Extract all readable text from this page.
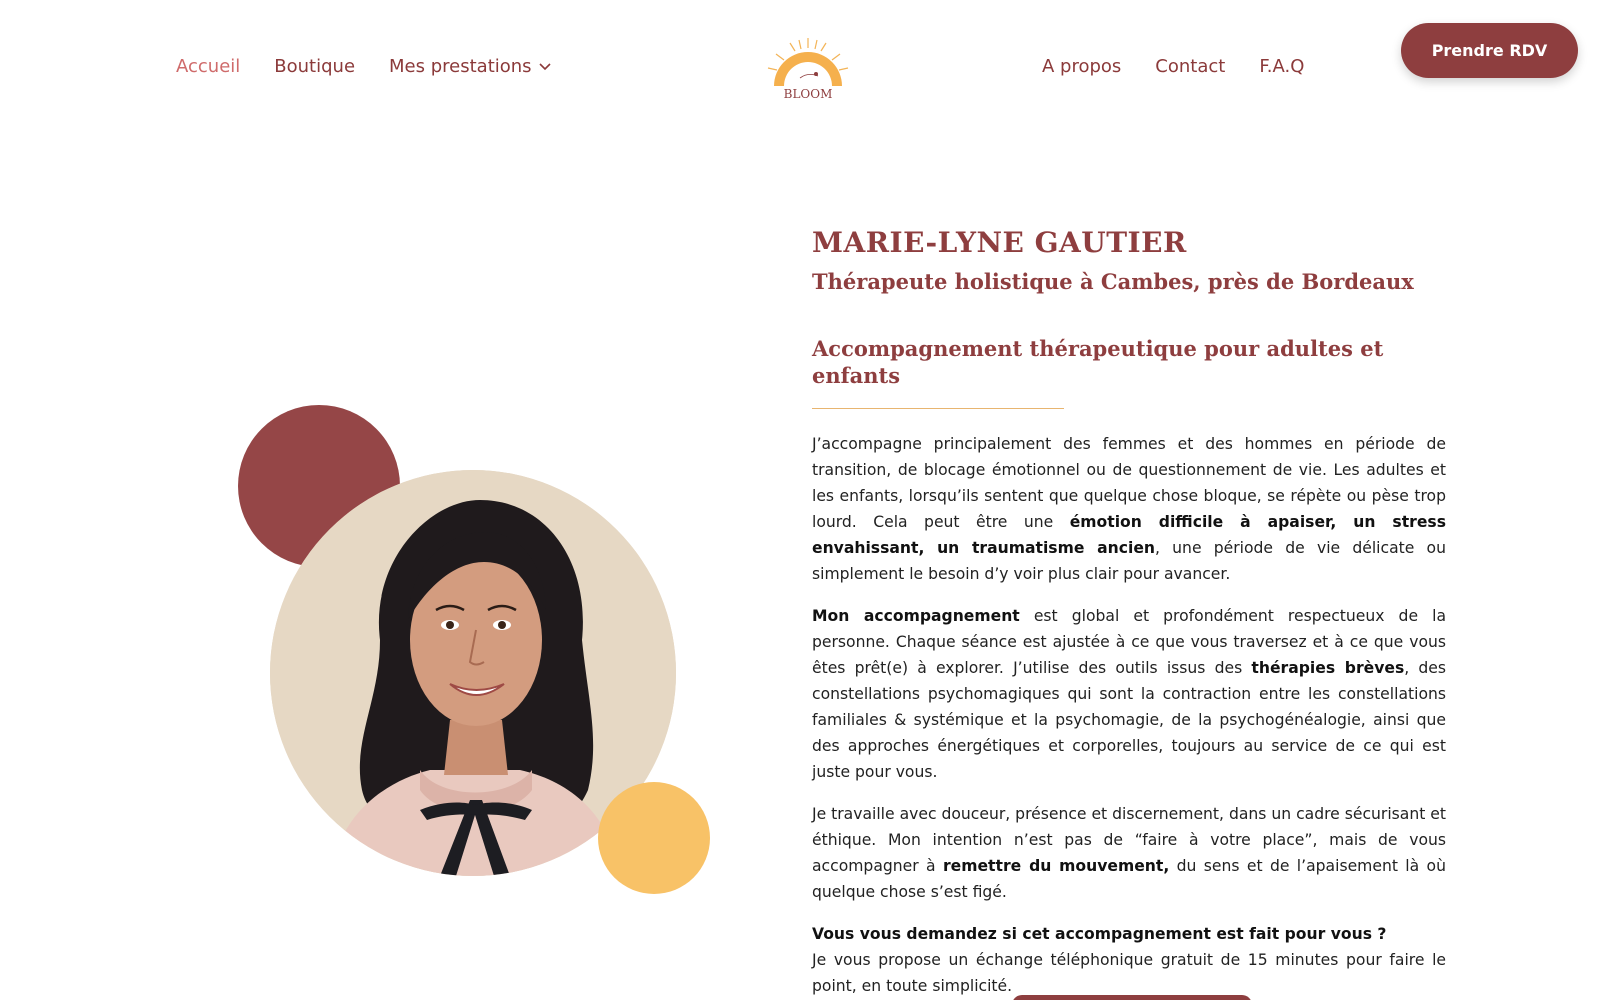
Accueil Boutique Mes prestations
BLOOM
A propos Contact F.A.Q
Prendre RDV
MARIE-LYNE GAUTIER
Thérapeute holistique à Cambes, près de Bordeaux
Accompagnement thérapeutique pour adultes et enfants

J’accompagne principalement des femmes et des hommes en période de transition, de blocage émotionnel ou de questionnement de vie. Les adultes et les enfants, lorsqu’ils sentent que quelque chose bloque, se répète ou pèse trop lourd. Cela peut être une émotion difficile à apaiser, un stress envahissant, un traumatisme ancien, une période de vie délicate ou simplement le besoin d’y voir plus clair pour avancer.

Mon accompagnement est global et profondément respectueux de la personne. Chaque séance est ajustée à ce que vous traversez et à ce que vous êtes prêt(e) à explorer. J’utilise des outils issus des thérapies brèves, des constellations psychomagiques qui sont la contraction entre les constellations familiales & systémique et la psychomagie, de la psychogénéalogie, ainsi que des approches énergétiques et corporelles, toujours au service de ce qui est juste pour vous.

Je travaille avec douceur, présence et discernement, dans un cadre sécurisant et éthique. Mon intention n’est pas de “faire à votre place”, mais de vous accompagner à remettre du mouvement, du sens et de l’apaisement là où quelque chose s’est figé.

Vous vous demandez si cet accompagnement est fait pour vous ?

Je vous propose un échange téléphonique gratuit de 15 minutes pour faire le point, en toute simplicité.
